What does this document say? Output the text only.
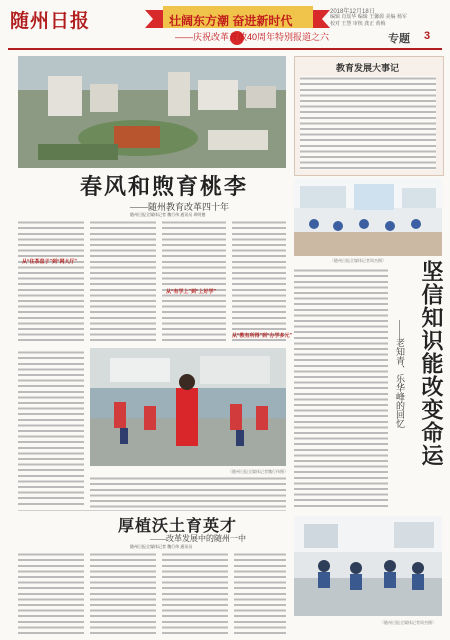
随州日报	壮阔东方潮 奋进新时代
——庆祝改革开放40周年特别报道之六
2018年12月18日
编辑 肖瑶华 编辑 王馨源 美编 杨军 校对 王慧 审核 龚正 黄梅
专题 3
教育发展大事记
春风和煦育桃李
——随州教育改革四十年
随州日报全媒体记者 魏行伟 通讯员 周明德
从“住茶盘子”到“网大厅”
从“有学上”到“上好学”
从“教有所得”到“办学多元”
（随州日报全媒体记者周杰摄） 坚信知识能改变命运
——老知青、乐华峰的回忆
（随州日报全媒体记者魏行伟摄）
厚植沃土育英才
——改革发展中的随州一中
随州日报全媒体记者 魏行伟 通讯员
（随州日报全媒体记者周杰摄）
